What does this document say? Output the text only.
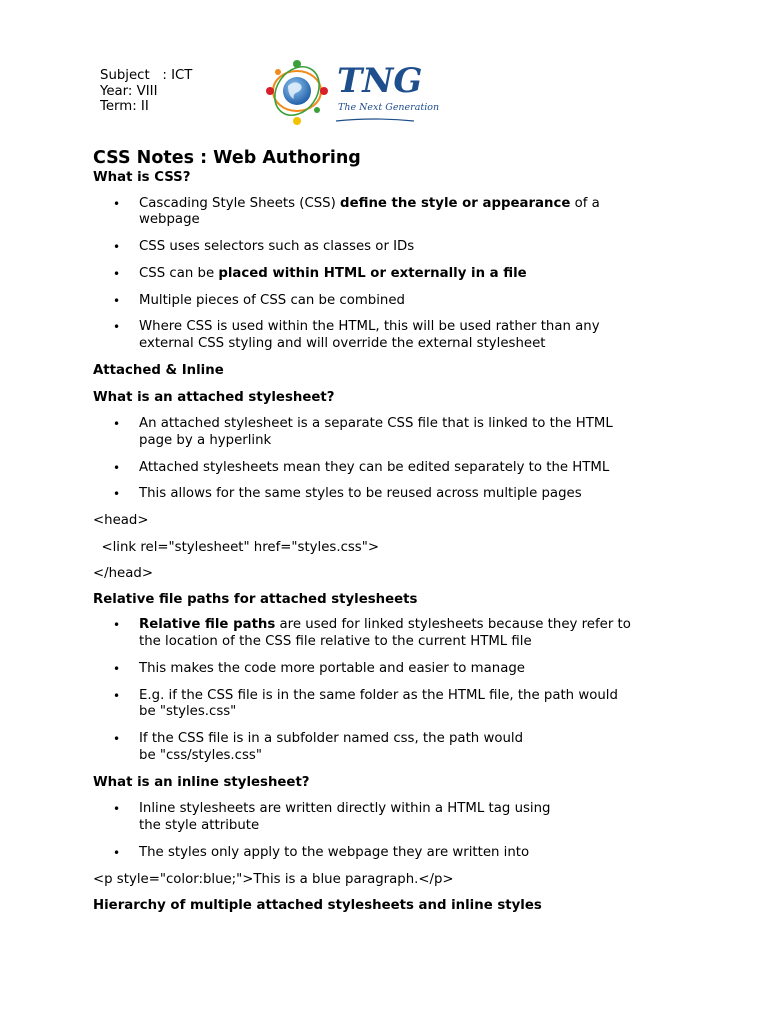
Subject   : ICT
Year: VIII
Term: II
TNG
The Next Generation
CSS Notes : Web Authoring
What is CSS?
• Cascading Style Sheets (CSS) define the style or appearance of a
webpage
• CSS uses selectors such as classes or IDs
• CSS can be placed within HTML or externally in a file
• Multiple pieces of CSS can be combined
• Where CSS is used within the HTML, this will be used rather than any
external CSS styling and will override the external stylesheet
Attached & Inline
What is an attached stylesheet?
• An attached stylesheet is a separate CSS file that is linked to the HTML
page by a hyperlink
• Attached stylesheets mean they can be edited separately to the HTML
• This allows for the same styles to be reused across multiple pages
<head>
<link rel="stylesheet" href="styles.css">
</head>
Relative file paths for attached stylesheets
• Relative file paths are used for linked stylesheets because they refer to
the location of the CSS file relative to the current HTML file
• This makes the code more portable and easier to manage
• E.g. if the CSS file is in the same folder as the HTML file, the path would
be "styles.css"
• If the CSS file is in a subfolder named css, the path would
be "css/styles.css"
What is an inline stylesheet?
• Inline stylesheets are written directly within a HTML tag using
the style attribute
• The styles only apply to the webpage they are written into
<p style="color:blue;">This is a blue paragraph.</p>
Hierarchy of multiple attached stylesheets and inline styles
